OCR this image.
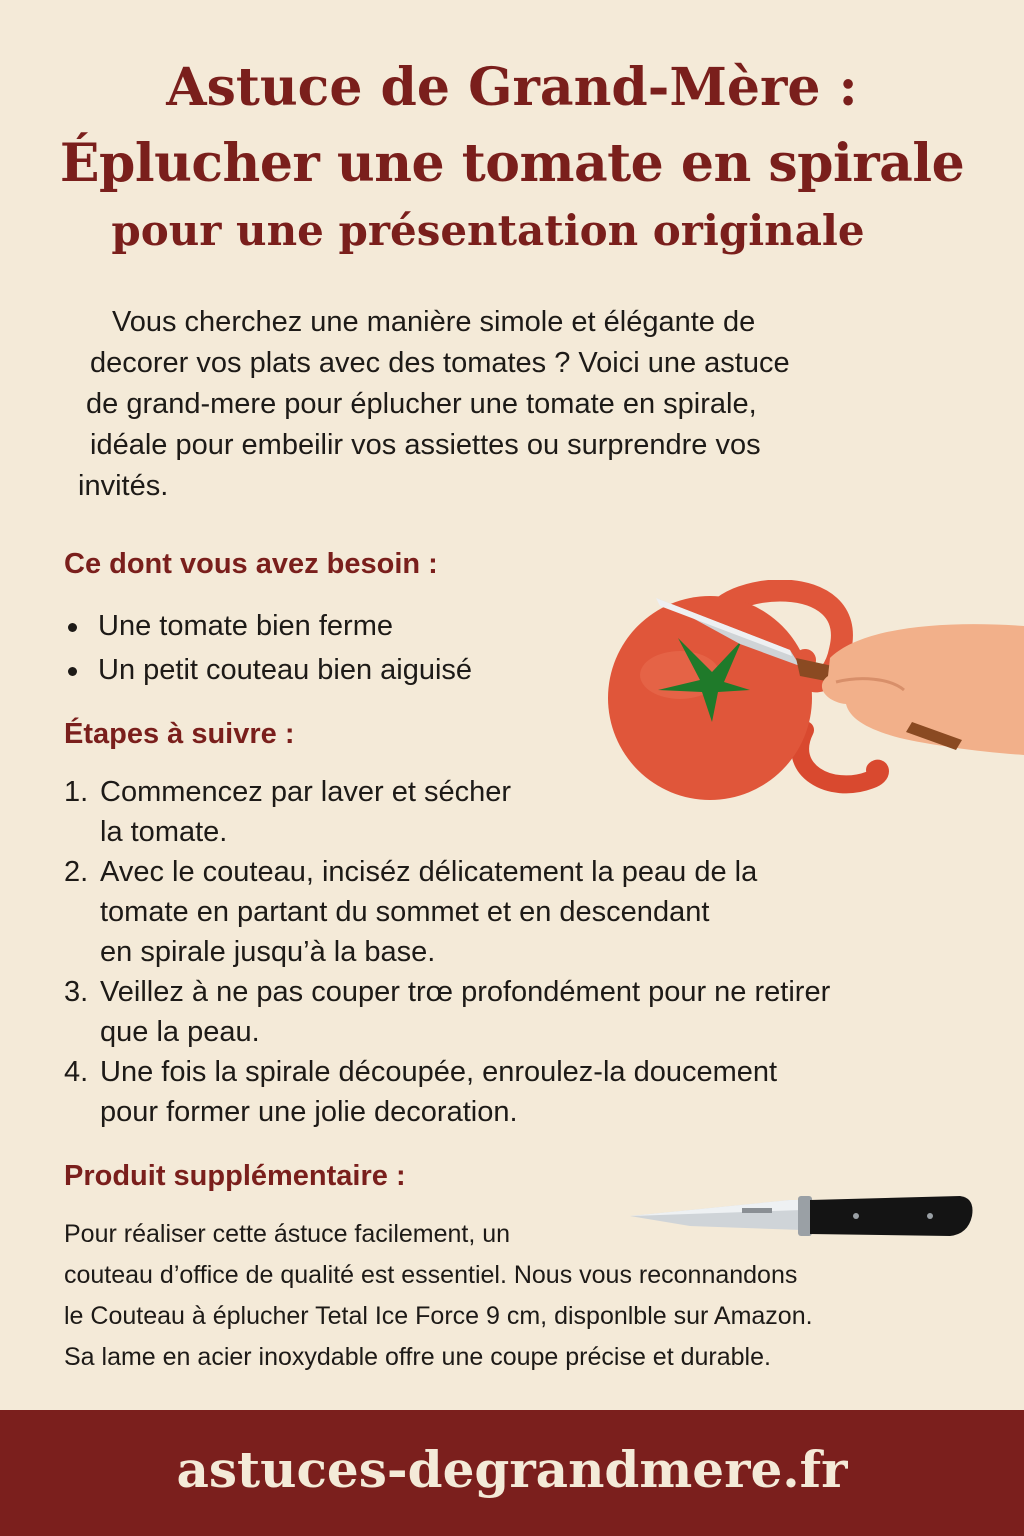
Astuce de Grand-Mère :
Éplucher une tomate en spirale
pour une présentation originale

Vous cherchez une manière simole et élégante de
decorer vos plats avec des tomates ? Voici une astuce
de grand-mere pour éplucher une tomate en spirale,
idéale pour embeilir vos assiettes ou surprendre vos
invités.

Ce dont vous avez besoin :
Une tomate bien ferme
Un petit couteau bien aiguisé
Étapes à suivre :
1. Commencez par laver et sécher
la tomate.
2. Avec le couteau, inciséz délicatement la peau de la
tomate en partant du sommet et en descendant
en spirale jusqu’à la base.
3. Veillez à ne pas couper trœ profondément pour ne retirer
que la peau.
4. Une fois la spirale découpée, enroulez-la doucement
pour former une jolie decoration.
Produit supplémentaire :

Pour réaliser cette ástuce facilement, un
couteau d’office de qualité est essentiel. Nous vous reconnandons
le Couteau à éplucher Tetal Ice Force 9 cm, disponlble sur Amazon.
Sa lame en acier inoxydable offre une coupe précise et durable.

astuces-degrandmere.fr
